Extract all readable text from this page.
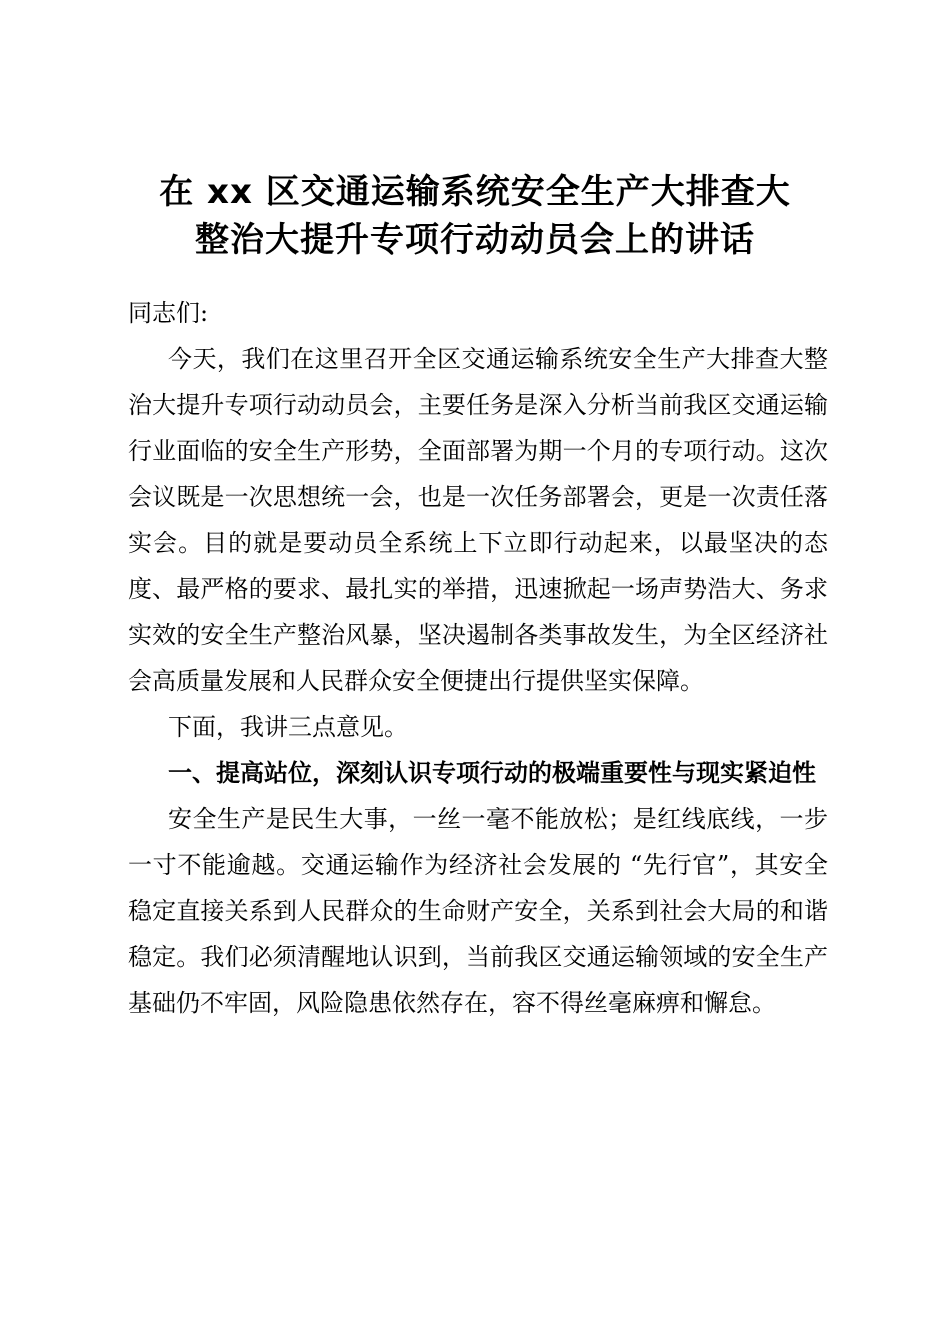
在 xx 区交通运输系统安全生产大排查大
整治大提升专项行动动员会上的讲话

同志们:

今天，我们在这里召开全区交通运输系统安全生产大排查大整治大提升专项行动动员会，主要任务是深入分析当前我区交通运输行业面临的安全生产形势，全面部署为期一个月的专项行动。这次会议既是一次思想统一会，也是一次任务部署会，更是一次责任落实会。目的就是要动员全系统上下立即行动起来，以最坚决的态度、最严格的要求、最扎实的举措，迅速掀起一场声势浩大、务求实效的安全生产整治风暴，坚决遏制各类事故发生，为全区经济社会高质量发展和人民群众安全便捷出行提供坚实保障。

下面，我讲三点意见。

一、提高站位，深刻认识专项行动的极端重要性与现实紧迫性

安全生产是民生大事，一丝一毫不能放松；是红线底线，一步一寸不能逾越。交通运输作为经济社会发展的 “先行官”，其安全稳定直接关系到人民群众的生命财产安全，关系到社会大局的和谐稳定。我们必须清醒地认识到，当前我区交通运输领域的安全生产基础仍不牢固，风险隐患依然存在，容不得丝毫麻痹和懈怠。
